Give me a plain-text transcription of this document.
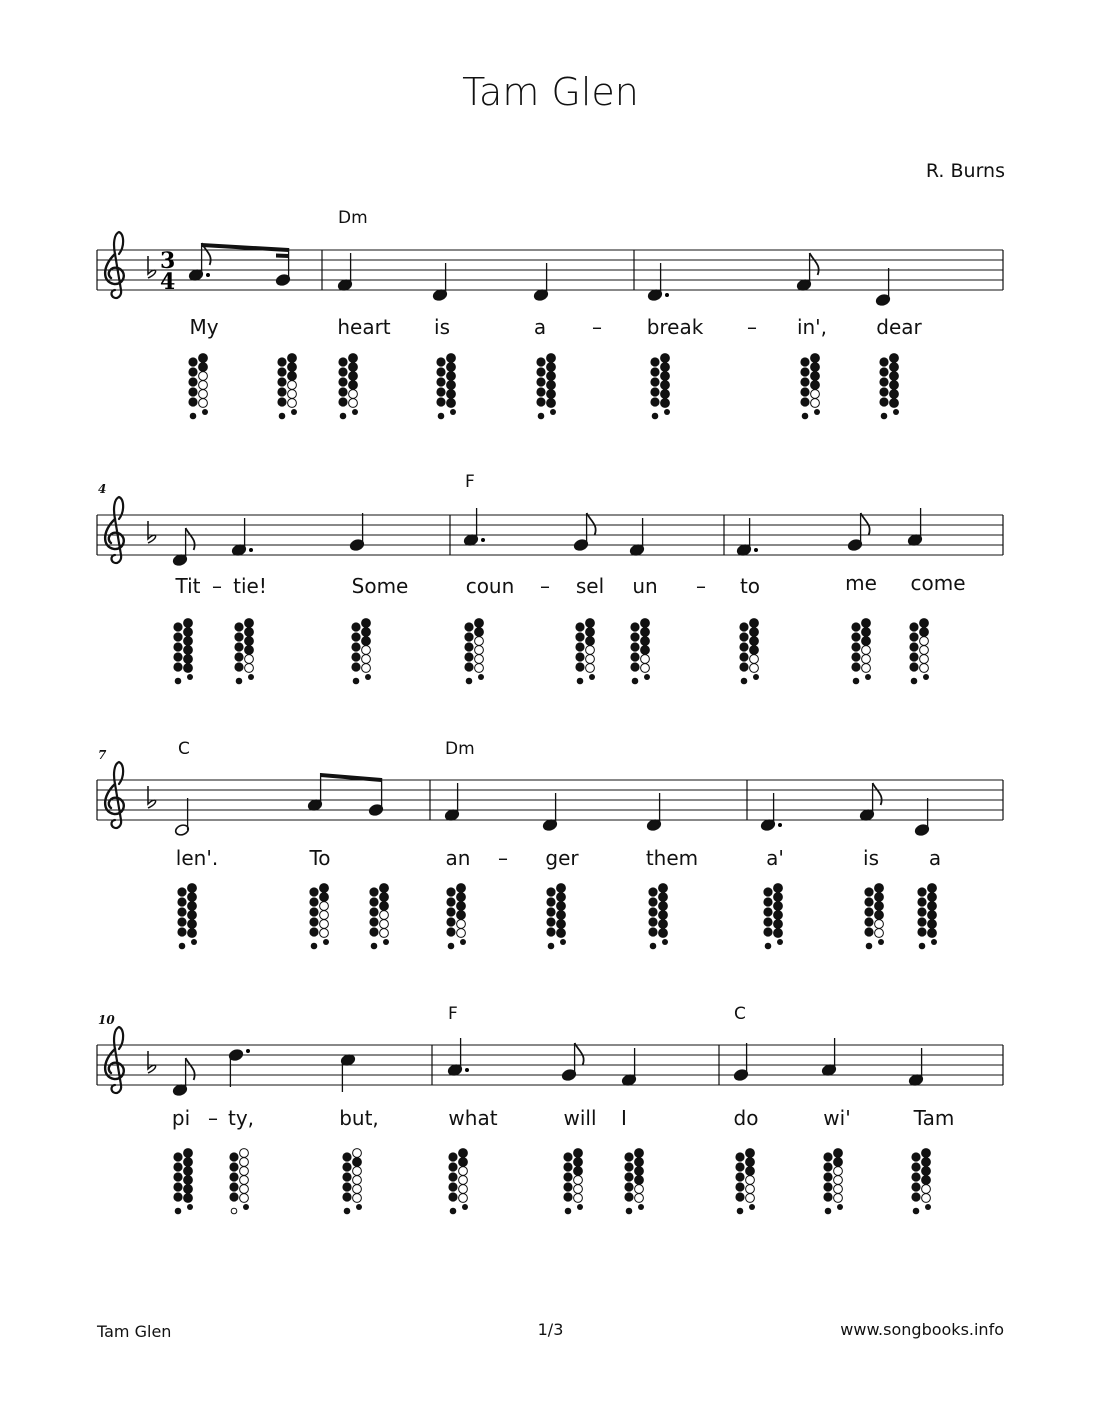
Tam Glen
R. Burns
Dm
My	heart is	a – break – in', dear
4	F
Tit – tie!	Some	coun – sel un – to	me come
7	C	Dm
len'.	To	an – ger	them	a'	is a
10	F	C
pi – ty,	but,	what	will I	do	wi'	Tam
3
4
Tam Glen	1/3	www.songbooks.info
